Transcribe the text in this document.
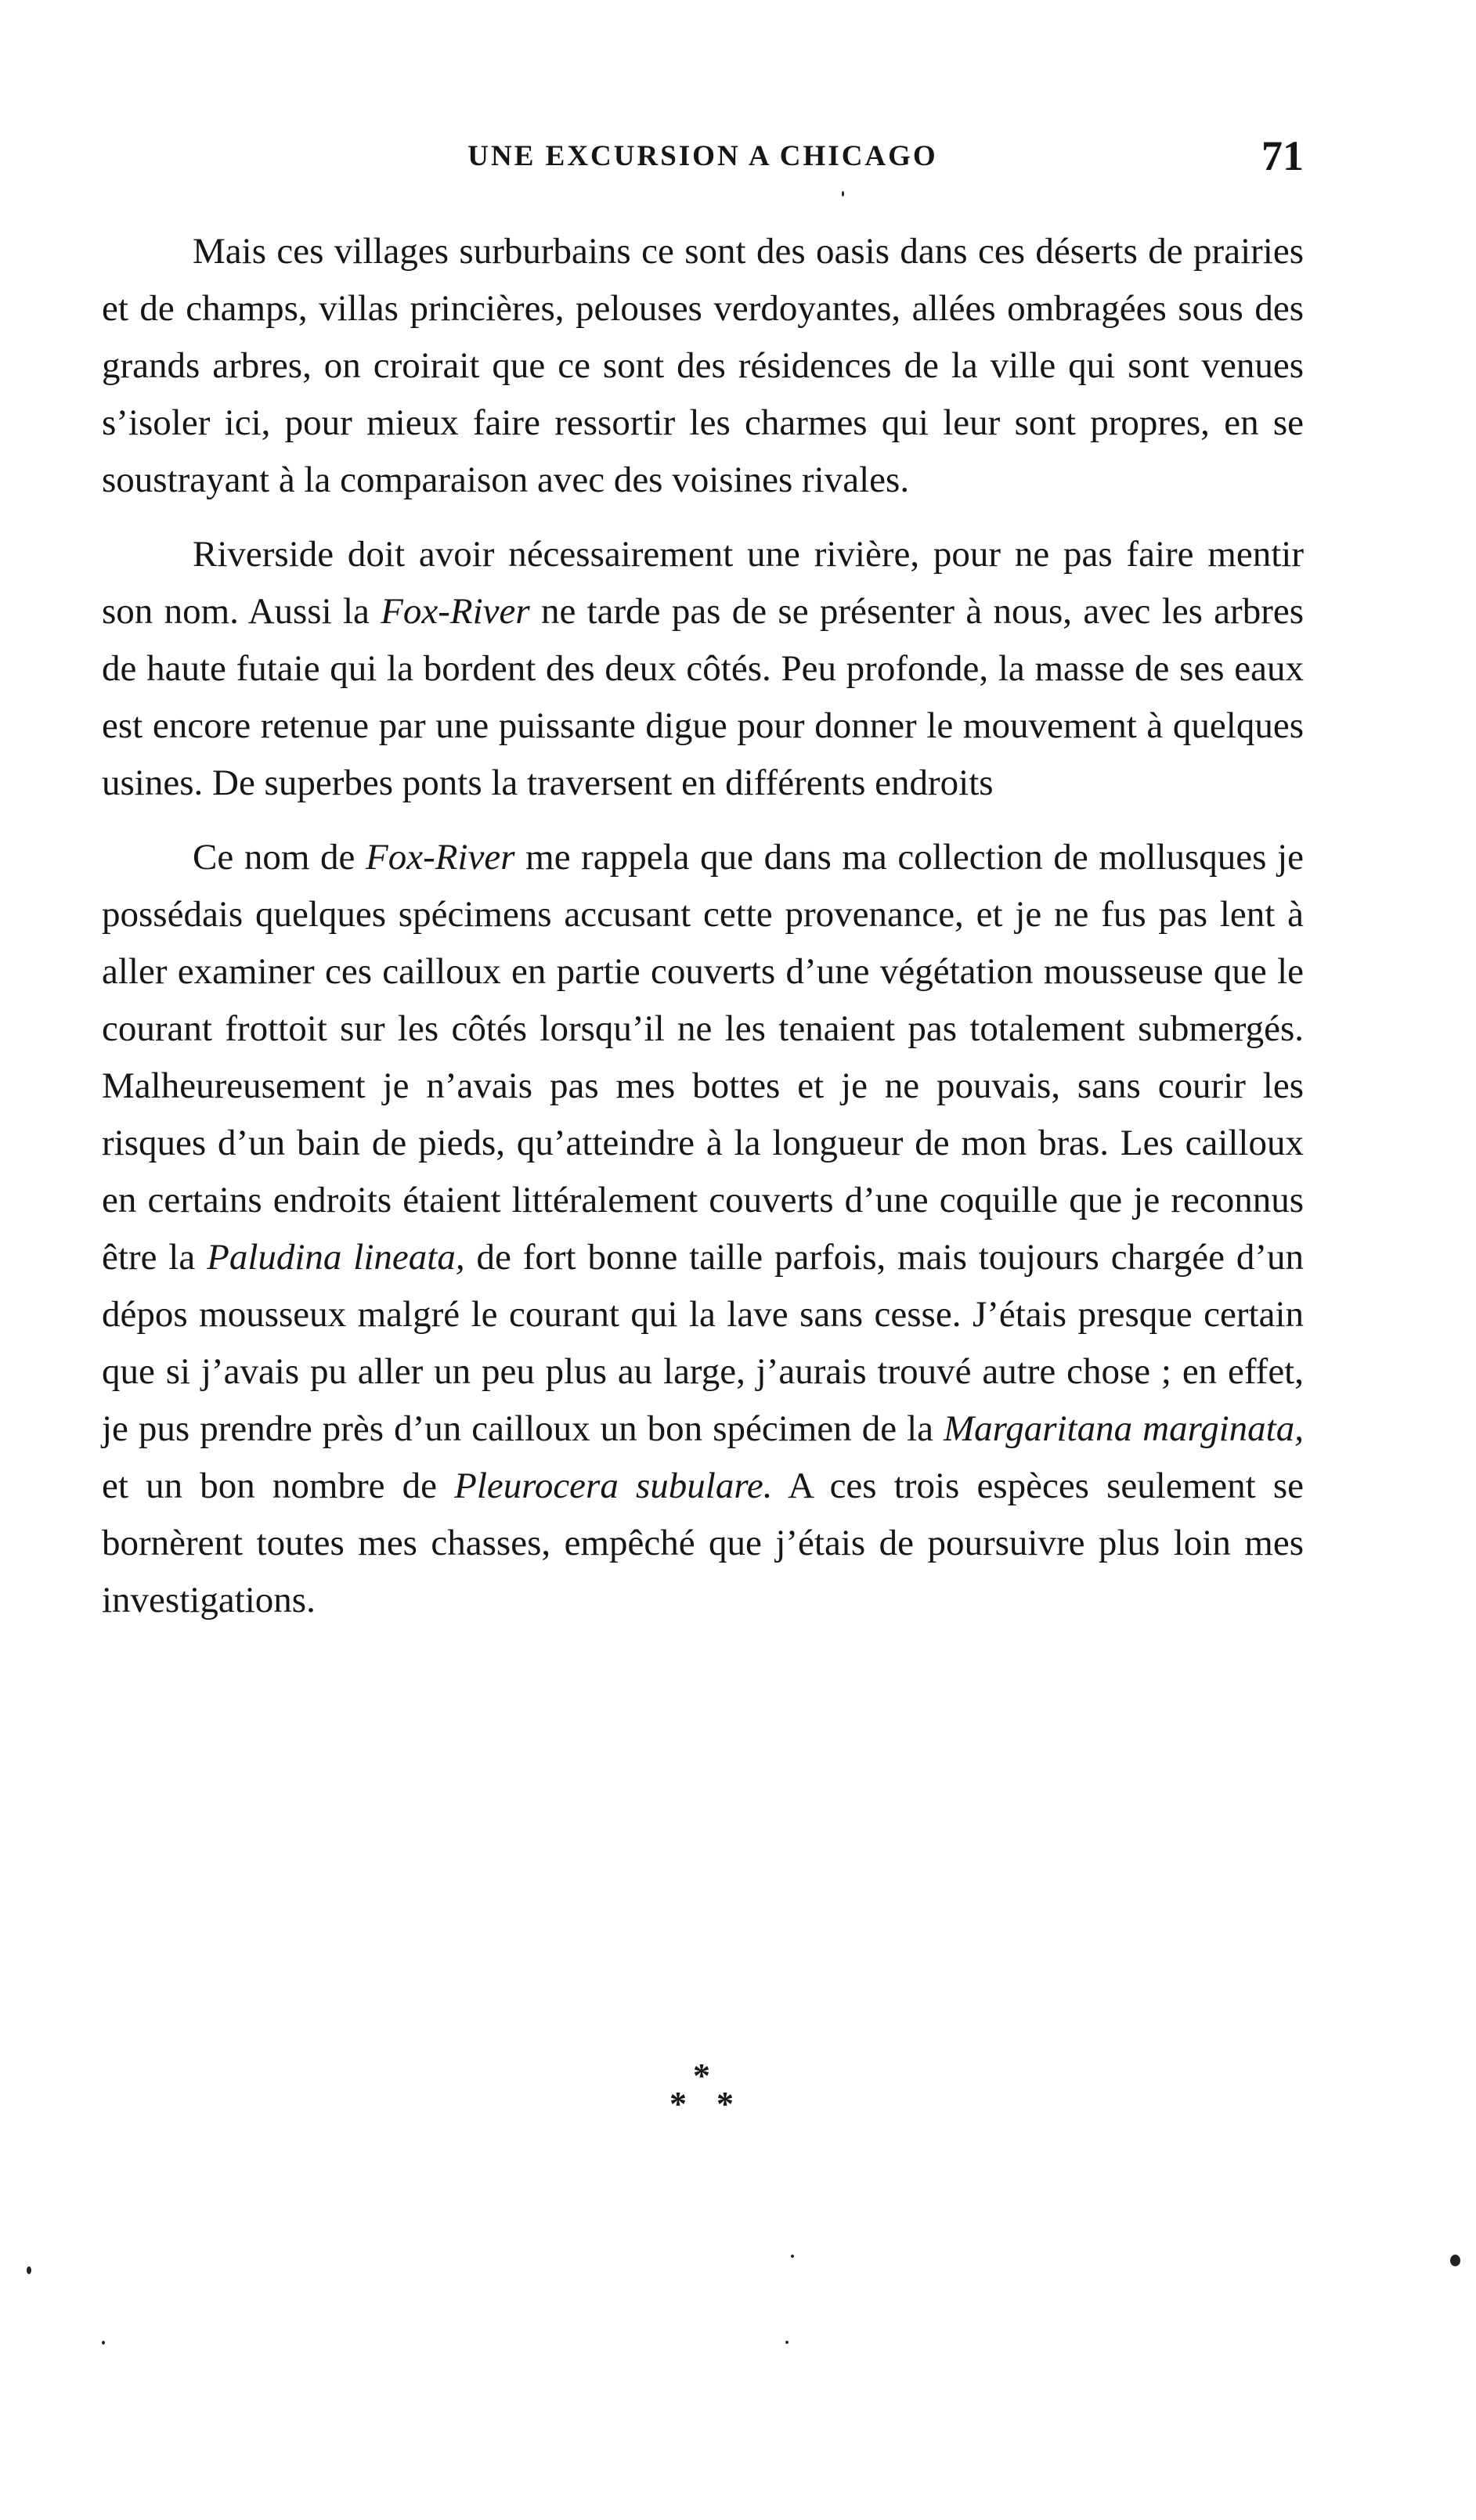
UNE EXCURSION A CHICAGO	71

Mais ces villages surburbains ce sont des oasis dans ces déserts de prairies et de champs, villas princières, pelouses verdoyantes, allées ombragées sous des grands arbres, on croirait que ce sont des résidences de la ville qui sont venues s’isoler ici, pour mieux faire ressortir les charmes qui leur sont propres, en se soustrayant à la comparaison avec des voisines rivales.

Riverside doit avoir nécessairement une rivière, pour ne pas faire mentir son nom. Aussi la Fox-River ne tarde pas de se présenter à nous, avec les arbres de haute futaie qui la bordent des deux côtés. Peu profonde, la masse de ses eaux est encore retenue par une puissante digue pour donner le mouvement à quelques usines. De superbes ponts la traversent en différents endroits

Ce nom de Fox-River me rappela que dans ma collection de mollusques je possédais quelques spécimens accusant cette provenance, et je ne fus pas lent à aller examiner ces cailloux en partie couverts d’une végétation mousseuse que le courant frottoit sur les côtés lorsqu’il ne les tenaient pas totalement submergés. Malheureusement je n’avais pas mes bottes et je ne pouvais, sans courir les risques d’un bain de pieds, qu’atteindre à la longueur de mon bras. Les cailloux en certains endroits étaient littéralement couverts d’une coquille que je reconnus être la Paludina lineata, de fort bonne taille parfois, mais toujours chargée d’un dépos mousseux malgré le courant qui la lave sans cesse. J’étais presque certain que si j’avais pu aller un peu plus au large, j’aurais trouvé autre chose ; en effet, je pus prendre près d’un cailloux un bon spécimen de la Margaritana marginata, et un bon nombre de Pleurocera subulare. A ces trois espèces seulement se bornèrent toutes mes chasses, empêché que j’étais de poursuivre plus loin mes investigations.

*
* *
